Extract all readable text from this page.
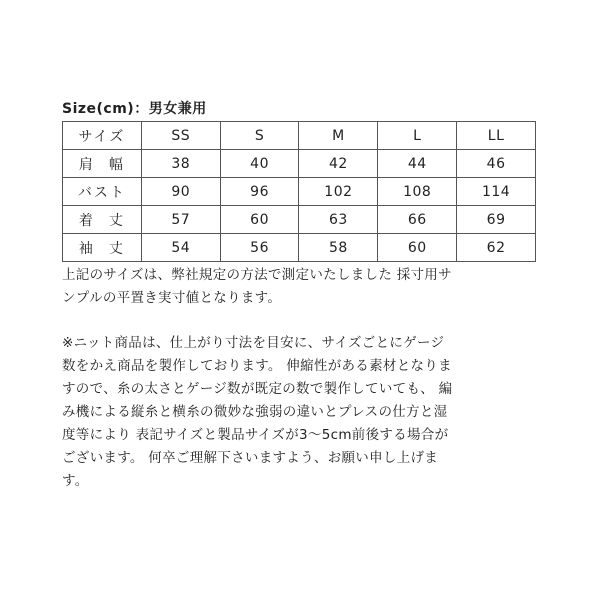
Size(cm)：男女兼用
サイズ	SS	S	M	L	LL
肩幅	38	40	42	44	46
バスト	90	96	102	108	114
着丈	57	60	63	66	69
袖丈	54	56	58	60	62
上記のサイズは、弊社規定の方法で測定いたしました 採寸用サ
ンプルの平置き実寸値となります。
※ニット商品は、仕上がり寸法を目安に、サイズごとにゲージ
数をかえ商品を製作しております。 伸縮性がある素材となりま
すので、糸の太さとゲージ数が既定の数で製作していても、 編
み機による縦糸と横糸の微妙な強弱の違いとプレスの仕方と湿
度等により 表記サイズと製品サイズが3～5cm前後する場合が
ございます。 何卒ご理解下さいますよう、お願い申し上げま
す。
